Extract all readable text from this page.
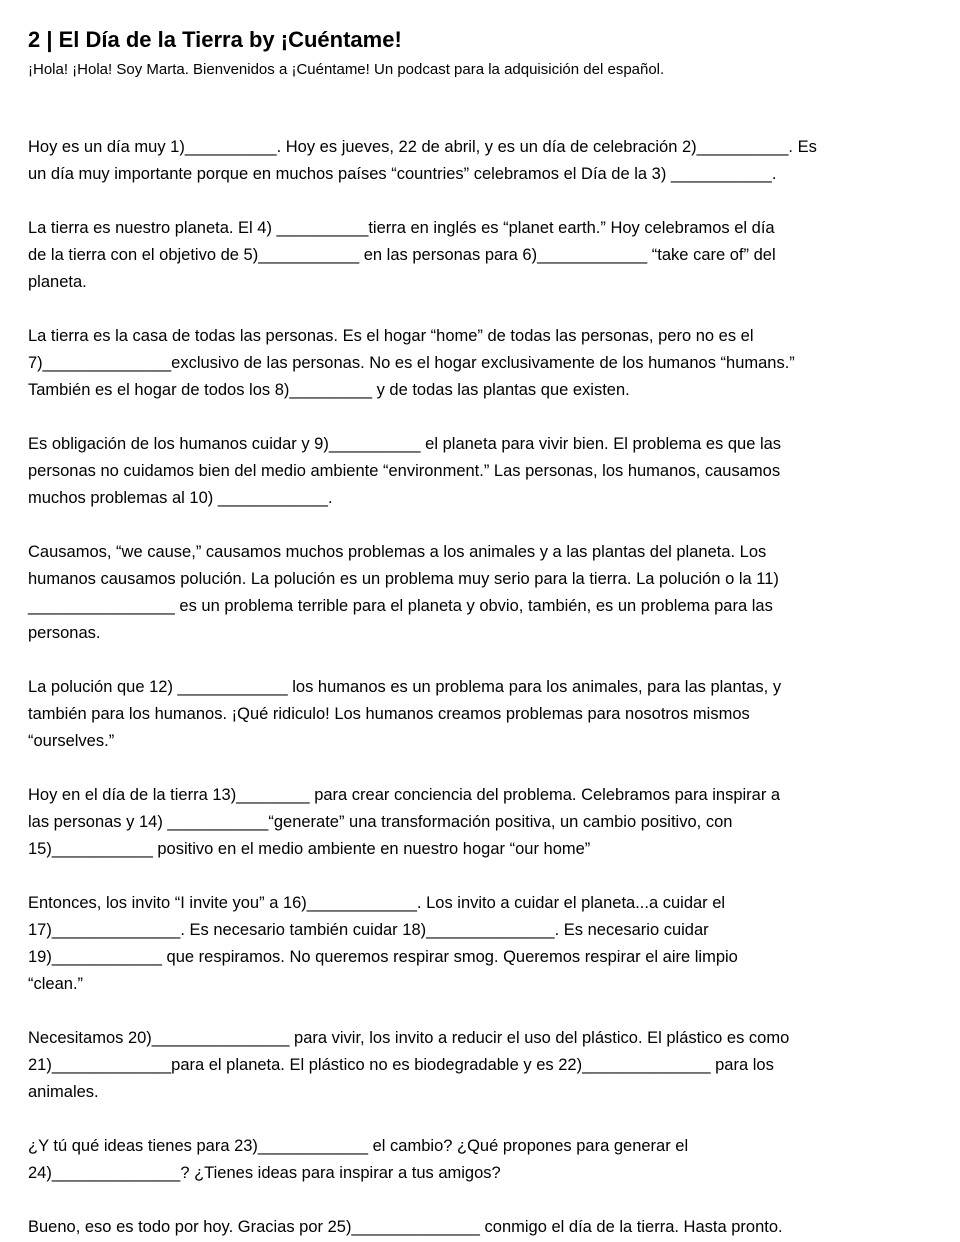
2 | El Día de la Tierra by ¡Cuéntame!

¡Hola! ¡Hola! Soy Marta. Bienvenidos a ¡Cuéntame! Un podcast para la adquisición del español.

Hoy es un día muy 1)__________. Hoy es jueves, 22 de abril, y es un día de celebración 2)__________. Es
un día muy importante porque en muchos países “countries” celebramos el Día de la 3) ___________.
La tierra es nuestro planeta. El 4) __________tierra en inglés es “planet earth.” Hoy celebramos el día
de la tierra con el objetivo de 5)___________ en las personas para 6)____________ “take care of” del
planeta.
La tierra es la casa de todas las personas. Es el hogar “home” de todas las personas, pero no es el
7)______________exclusivo de las personas. No es el hogar exclusivamente de los humanos “humans.”
También es el hogar de todos los 8)_________ y de todas las plantas que existen.
Es obligación de los humanos cuidar y 9)__________ el planeta para vivir bien. El problema es que las
personas no cuidamos bien del medio ambiente “environment.” Las personas, los humanos, causamos
muchos problemas al 10) ____________.
Causamos, “we cause,” causamos muchos problemas a los animales y a las plantas del planeta. Los
humanos causamos polución. La polución es un problema muy serio para la tierra. La polución o la 11)
________________ es un problema terrible para el planeta y obvio, también, es un problema para las
personas.
La polución que 12) ____________ los humanos es un problema para los animales, para las plantas, y
también para los humanos. ¡Qué ridiculo! Los humanos creamos problemas para nosotros mismos
“ourselves.”
Hoy en el día de la tierra 13)________ para crear conciencia del problema. Celebramos para inspirar a
las personas y 14) ___________“generate” una transformación positiva, un cambio positivo, con
15)___________ positivo en el medio ambiente en nuestro hogar “our home”
Entonces, los invito “I invite you” a 16)____________. Los invito a cuidar el planeta...a cuidar el
17)______________. Es necesario también cuidar 18)______________. Es necesario cuidar
19)____________ que respiramos. No queremos respirar smog. Queremos respirar el aire limpio
“clean.”
Necesitamos 20)_______________ para vivir, los invito a reducir el uso del plástico. El plástico es como
21)_____________para el planeta. El plástico no es biodegradable y es 22)______________ para los
animales.
¿Y tú qué ideas tienes para 23)____________ el cambio? ¿Qué propones para generar el
24)______________? ¿Tienes ideas para inspirar a tus amigos?
Bueno, eso es todo por hoy. Gracias por 25)______________ conmigo el día de la tierra. Hasta pronto.
